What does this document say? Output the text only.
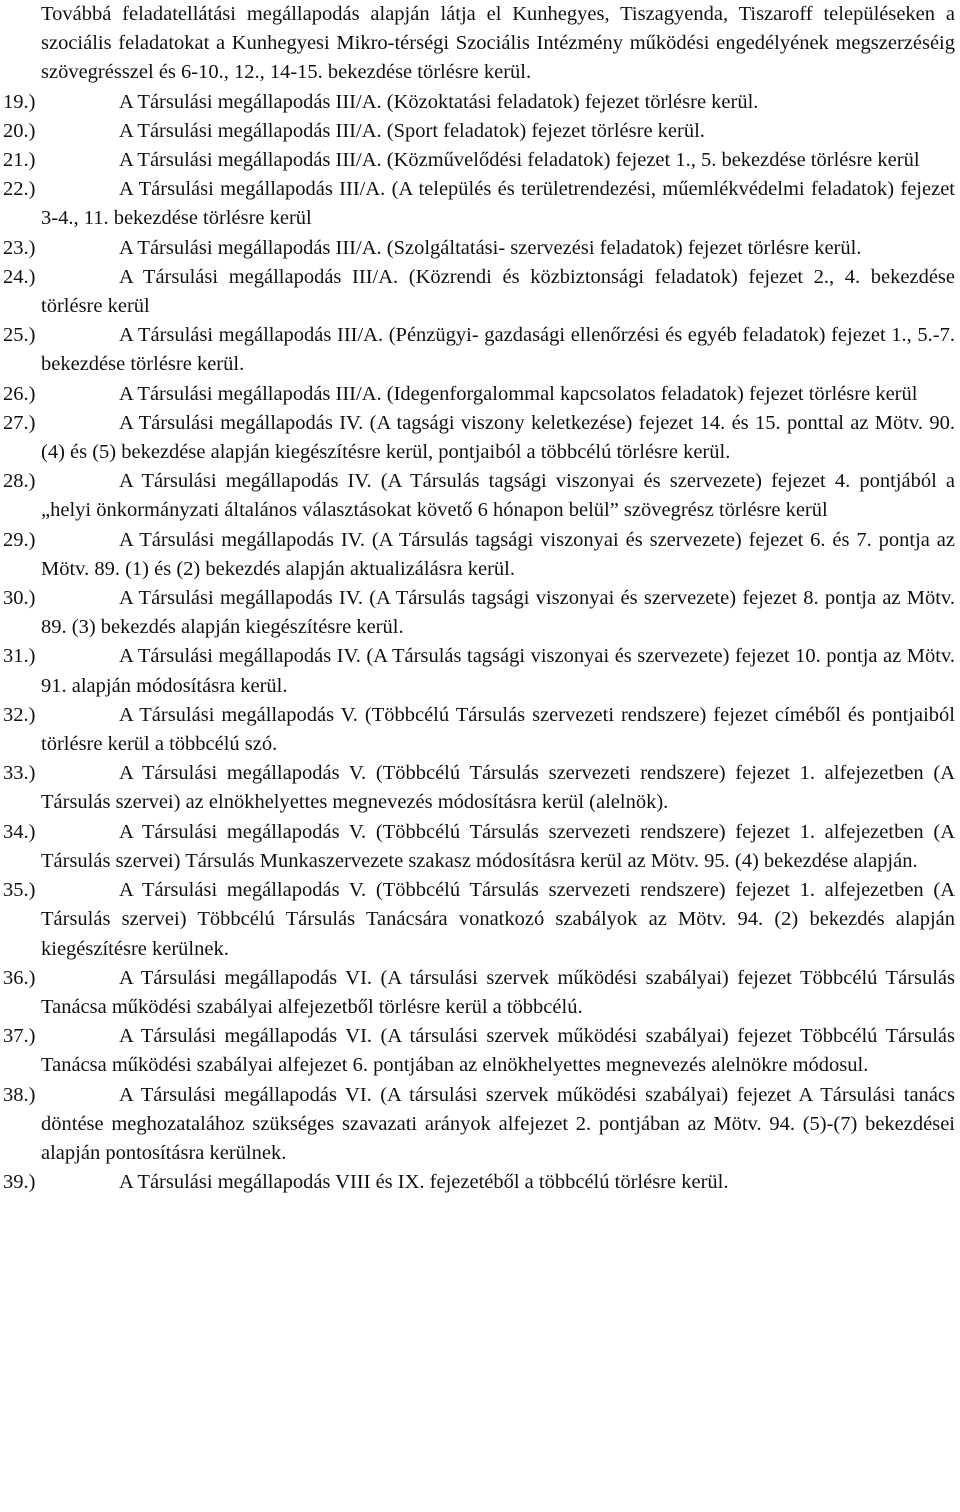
Továbbá feladatellátási megállapodás alapján látja el Kunhegyes, Tiszagyenda, Tiszaroff településeken a szociális feladatokat a Kunhegyesi Mikro-térségi Szociális Intézmény működési engedélyének megszerzéséig szövegrésszel és 6-10., 12., 14-15. bekezdése törlésre kerül.

19.)	A Társulási megállapodás III/A. (Közoktatási feladatok) fejezet törlésre kerül.
20.)	A Társulási megállapodás III/A. (Sport feladatok) fejezet törlésre kerül.
21.)	A Társulási megállapodás III/A. (Közművelődési feladatok) fejezet 1., 5. bekezdése törlésre kerül
22.)	A Társulási megállapodás III/A. (A település és területrendezési, műemlékvédelmi feladatok) fejezet 3-4., 11. bekezdése törlésre kerül
23.)	A Társulási megállapodás III/A. (Szolgáltatási- szervezési feladatok) fejezet törlésre kerül.
24.)	A Társulási megállapodás III/A. (Közrendi és közbiztonsági feladatok) fejezet 2., 4. bekezdése törlésre kerül
25.)	A Társulási megállapodás III/A. (Pénzügyi- gazdasági ellenőrzési és egyéb feladatok) fejezet 1., 5.-7. bekezdése törlésre kerül.
26.)	A Társulási megállapodás III/A. (Idegenforgalommal kapcsolatos feladatok) fejezet törlésre kerül
27.)	A Társulási megállapodás IV. (A tagsági viszony keletkezése) fejezet 14. és 15. ponttal az Mötv. 90. (4) és (5) bekezdése alapján kiegészítésre kerül, pontjaiból a többcélú törlésre kerül.
28.)	A Társulási megállapodás IV. (A Társulás tagsági viszonyai és szervezete) fejezet 4. pontjából a „helyi önkormányzati általános választásokat követő 6 hónapon belül” szövegrész törlésre kerül
29.)	A Társulási megállapodás IV. (A Társulás tagsági viszonyai és szervezete) fejezet 6. és 7. pontja az Mötv. 89. (1) és (2) bekezdés alapján aktualizálásra kerül.
30.)	A Társulási megállapodás IV. (A Társulás tagsági viszonyai és szervezete) fejezet 8. pontja az Mötv. 89. (3) bekezdés alapján kiegészítésre kerül.
31.)	A Társulási megállapodás IV. (A Társulás tagsági viszonyai és szervezete) fejezet 10. pontja az Mötv. 91. alapján módosításra kerül.
32.)	A Társulási megállapodás V. (Többcélú Társulás szervezeti rendszere) fejezet címéből és pontjaiból törlésre kerül a többcélú szó.
33.)	A Társulási megállapodás V. (Többcélú Társulás szervezeti rendszere) fejezet 1. alfejezetben (A Társulás szervei) az elnökhelyettes megnevezés módosításra kerül (alelnök).
34.)	A Társulási megállapodás V. (Többcélú Társulás szervezeti rendszere) fejezet 1. alfejezetben (A Társulás szervei) Társulás Munkaszervezete szakasz módosításra kerül az Mötv. 95. (4) bekezdése alapján.
35.)	A Társulási megállapodás V. (Többcélú Társulás szervezeti rendszere) fejezet 1. alfejezetben (A Társulás szervei) Többcélú Társulás Tanácsára vonatkozó szabályok az Mötv. 94. (2) bekezdés alapján kiegészítésre kerülnek.
36.)	A Társulási megállapodás VI. (A társulási szervek működési szabályai) fejezet Többcélú Társulás Tanácsa működési szabályai alfejezetből törlésre kerül a többcélú.
37.)	A Társulási megállapodás VI. (A társulási szervek működési szabályai) fejezet Többcélú Társulás Tanácsa működési szabályai alfejezet 6. pontjában az elnökhelyettes megnevezés alelnökre módosul.
38.)	A Társulási megállapodás VI. (A társulási szervek működési szabályai) fejezet A Társulási tanács döntése meghozatalához szükséges szavazati arányok alfejezet 2. pontjában az Mötv. 94. (5)-(7) bekezdései alapján pontosításra kerülnek.
39.)	A Társulási megállapodás VIII és IX. fejezetéből a többcélú törlésre kerül.
